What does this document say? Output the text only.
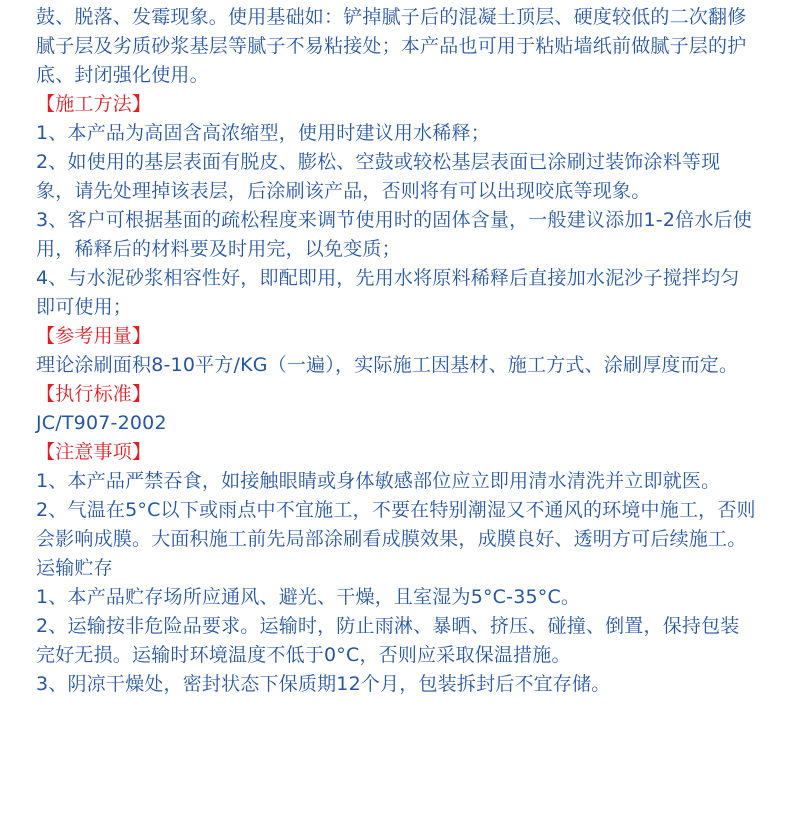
鼓、脱落、发霉现象。使用基础如：铲掉腻子后的混凝土顶层、硬度较低的二次翻修腻子层及劣质砂浆基层等腻子不易粘接处；本产品也可用于粘贴墙纸前做腻子层的护底、封闭强化使用。

【施工方法】

1、本产品为高固含高浓缩型，使用时建议用水稀释；

2、如使用的基层表面有脱皮、膨松、空鼓或较松基层表面已涂刷过装饰涂料等现象，请先处理掉该表层，后涂刷该产品，否则将有可以出现咬底等现象。

3、客户可根据基面的疏松程度来调节使用时的固体含量，一般建议添加1-2倍水后使用，稀释后的材料要及时用完，以免变质；

4、与水泥砂浆相容性好，即配即用，先用水将原料稀释后直接加水泥沙子搅拌均匀即可使用；

【参考用量】

理论涂刷面积8-10平方/KG（一遍），实际施工因基材、施工方式、涂刷厚度而定。

【执行标准】

JC/T907-2002

【注意事项】

1、本产品严禁吞食，如接触眼睛或身体敏感部位应立即用清水清洗并立即就医。

2、气温在5°C以下或雨点中不宜施工，不要在特别潮湿又不通风的环境中施工，否则会影响成膜。大面积施工前先局部涂刷看成膜效果，成膜良好、透明方可后续施工。

运输贮存

1、本产品贮存场所应通风、避光、干燥，且室湿为5°C-35°C。

2、运输按非危险品要求。运输时，防止雨淋、暴晒、挤压、碰撞、倒置，保持包装完好无损。运输时环境温度不低于0°C，否则应采取保温措施。

3、阴凉干燥处，密封状态下保质期12个月，包装拆封后不宜存储。
